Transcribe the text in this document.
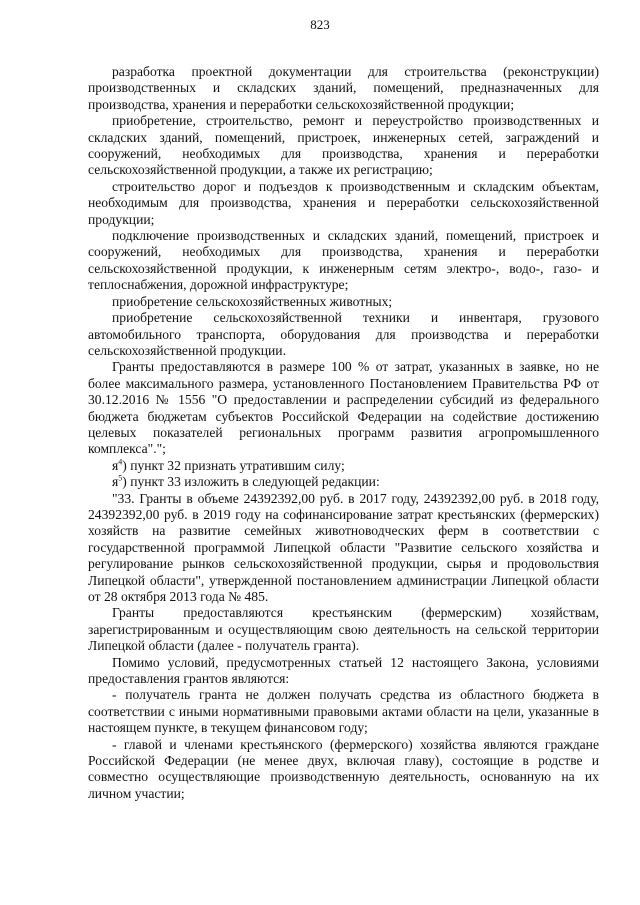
823

разработка проектной документации для строительства (реконструкции) производственных и складских зданий, помещений, предназначенных для производства, хранения и переработки сельскохозяйственной продукции;

приобретение, строительство, ремонт и переустройство производственных и складских зданий, помещений, пристроек, инженерных сетей, заграждений и сооружений, необходимых для производства, хранения и переработки сельскохозяйственной продукции, а также их регистрацию;

строительство дорог и подъездов к производственным и складским объектам, необходимым для производства, хранения и переработки сельскохозяйственной продукции;

подключение производственных и складских зданий, помещений, пристроек и сооружений, необходимых для производства, хранения и переработки сельскохозяйственной продукции, к инженерным сетям электро-, водо-, газо- и теплоснабжения, дорожной инфраструктуре;

приобретение сельскохозяйственных животных;

приобретение сельскохозяйственной техники и инвентаря, грузового автомобильного транспорта, оборудования для производства и переработки сельскохозяйственной продукции.

Гранты предоставляются в размере 100 % от затрат, указанных в заявке, но не более максимального размера, установленного Постановлением Правительства РФ от 30.12.2016 № 1556 "О предоставлении и распределении субсидий из федерального бюджета бюджетам субъектов Российской Федерации на содействие достижению целевых показателей региональных программ развития агропромышленного комплекса".";

$я^4$) пункт 32 признать утратившим силу;

$я^5$) пункт 33 изложить в следующей редакции:

"33. Гранты в объеме 24392392,00 руб. в 2017 году, 24392392,00 руб. в 2018 году, 24392392,00 руб. в 2019 году на софинансирование затрат крестьянских (фермерских) хозяйств на развитие семейных животноводческих ферм в соответствии с государственной программой Липецкой области "Развитие сельского хозяйства и регулирование рынков сельскохозяйственной продукции, сырья и продовольствия Липецкой области", утвержденной постановлением администрации Липецкой области от 28 октября 2013 года № 485.

Гранты предоставляются крестьянским (фермерским) хозяйствам, зарегистрированным и осуществляющим свою деятельность на сельской территории Липецкой области (далее - получатель гранта).

Помимо условий, предусмотренных статьей 12 настоящего Закона, условиями предоставления грантов являются:

- получатель гранта не должен получать средства из областного бюджета в соответствии с иными нормативными правовыми актами области на цели, указанные в настоящем пункте, в текущем финансовом году;

- главой и членами крестьянского (фермерского) хозяйства являются граждане Российской Федерации (не менее двух, включая главу), состоящие в родстве и совместно осуществляющие производственную деятельность, основанную на их личном участии;
